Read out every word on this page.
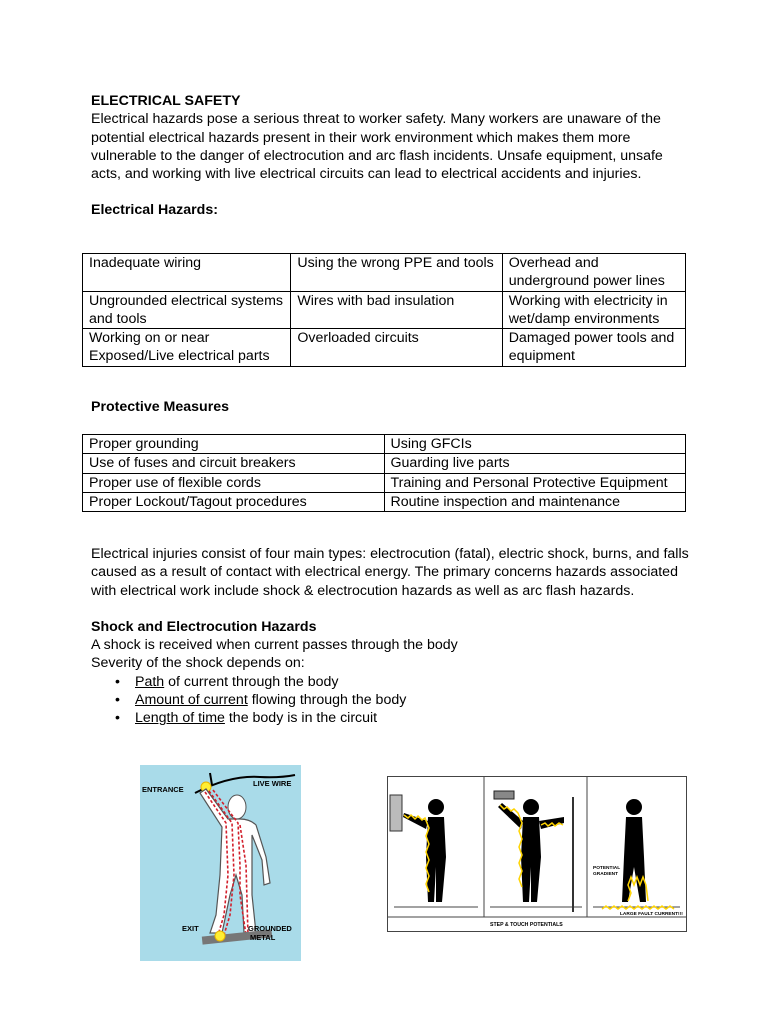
ELECTRICAL SAFETY

Electrical hazards pose a serious threat to worker safety. Many workers are unaware of the potential electrical hazards present in their work environment which makes them more vulnerable to the danger of electrocution and arc flash incidents. Unsafe equipment, unsafe acts, and working with live electrical circuits can lead to electrical accidents and injuries.

Electrical Hazards:

Inadequate wiring	Using the wrong PPE and tools	Overhead and underground power lines
Ungrounded electrical systems and tools	Wires with bad insulation	Working with electricity in wet/damp environments
Working on or near Exposed/Live electrical parts	Overloaded circuits	Damaged power tools and equipment

Protective Measures

Proper grounding	Using GFCIs
Use of fuses and circuit breakers	Guarding live parts
Proper use of flexible cords	Training and Personal Protective Equipment
Proper Lockout/Tagout procedures	Routine inspection and maintenance

Electrical injuries consist of four main types: electrocution (fatal), electric shock, burns, and falls caused as a result of contact with electrical energy. The primary concerns hazards associated with electrical work include shock & electrocution hazards as well as arc flash hazards.

Shock and Electrocution Hazards

A shock is received when current passes through the body

Severity of the shock depends on:

• Path of current through the body
• Amount of current flowing through the body
• Length of time the body is in the circuit
ENTRANCE
LIVE WIRE
EXIT	GROUNDED
METAL
POTENTIAL
GRADIENT
LARGE FAULT CURRENT!!!
STEP & TOUCH POTENTIALS
